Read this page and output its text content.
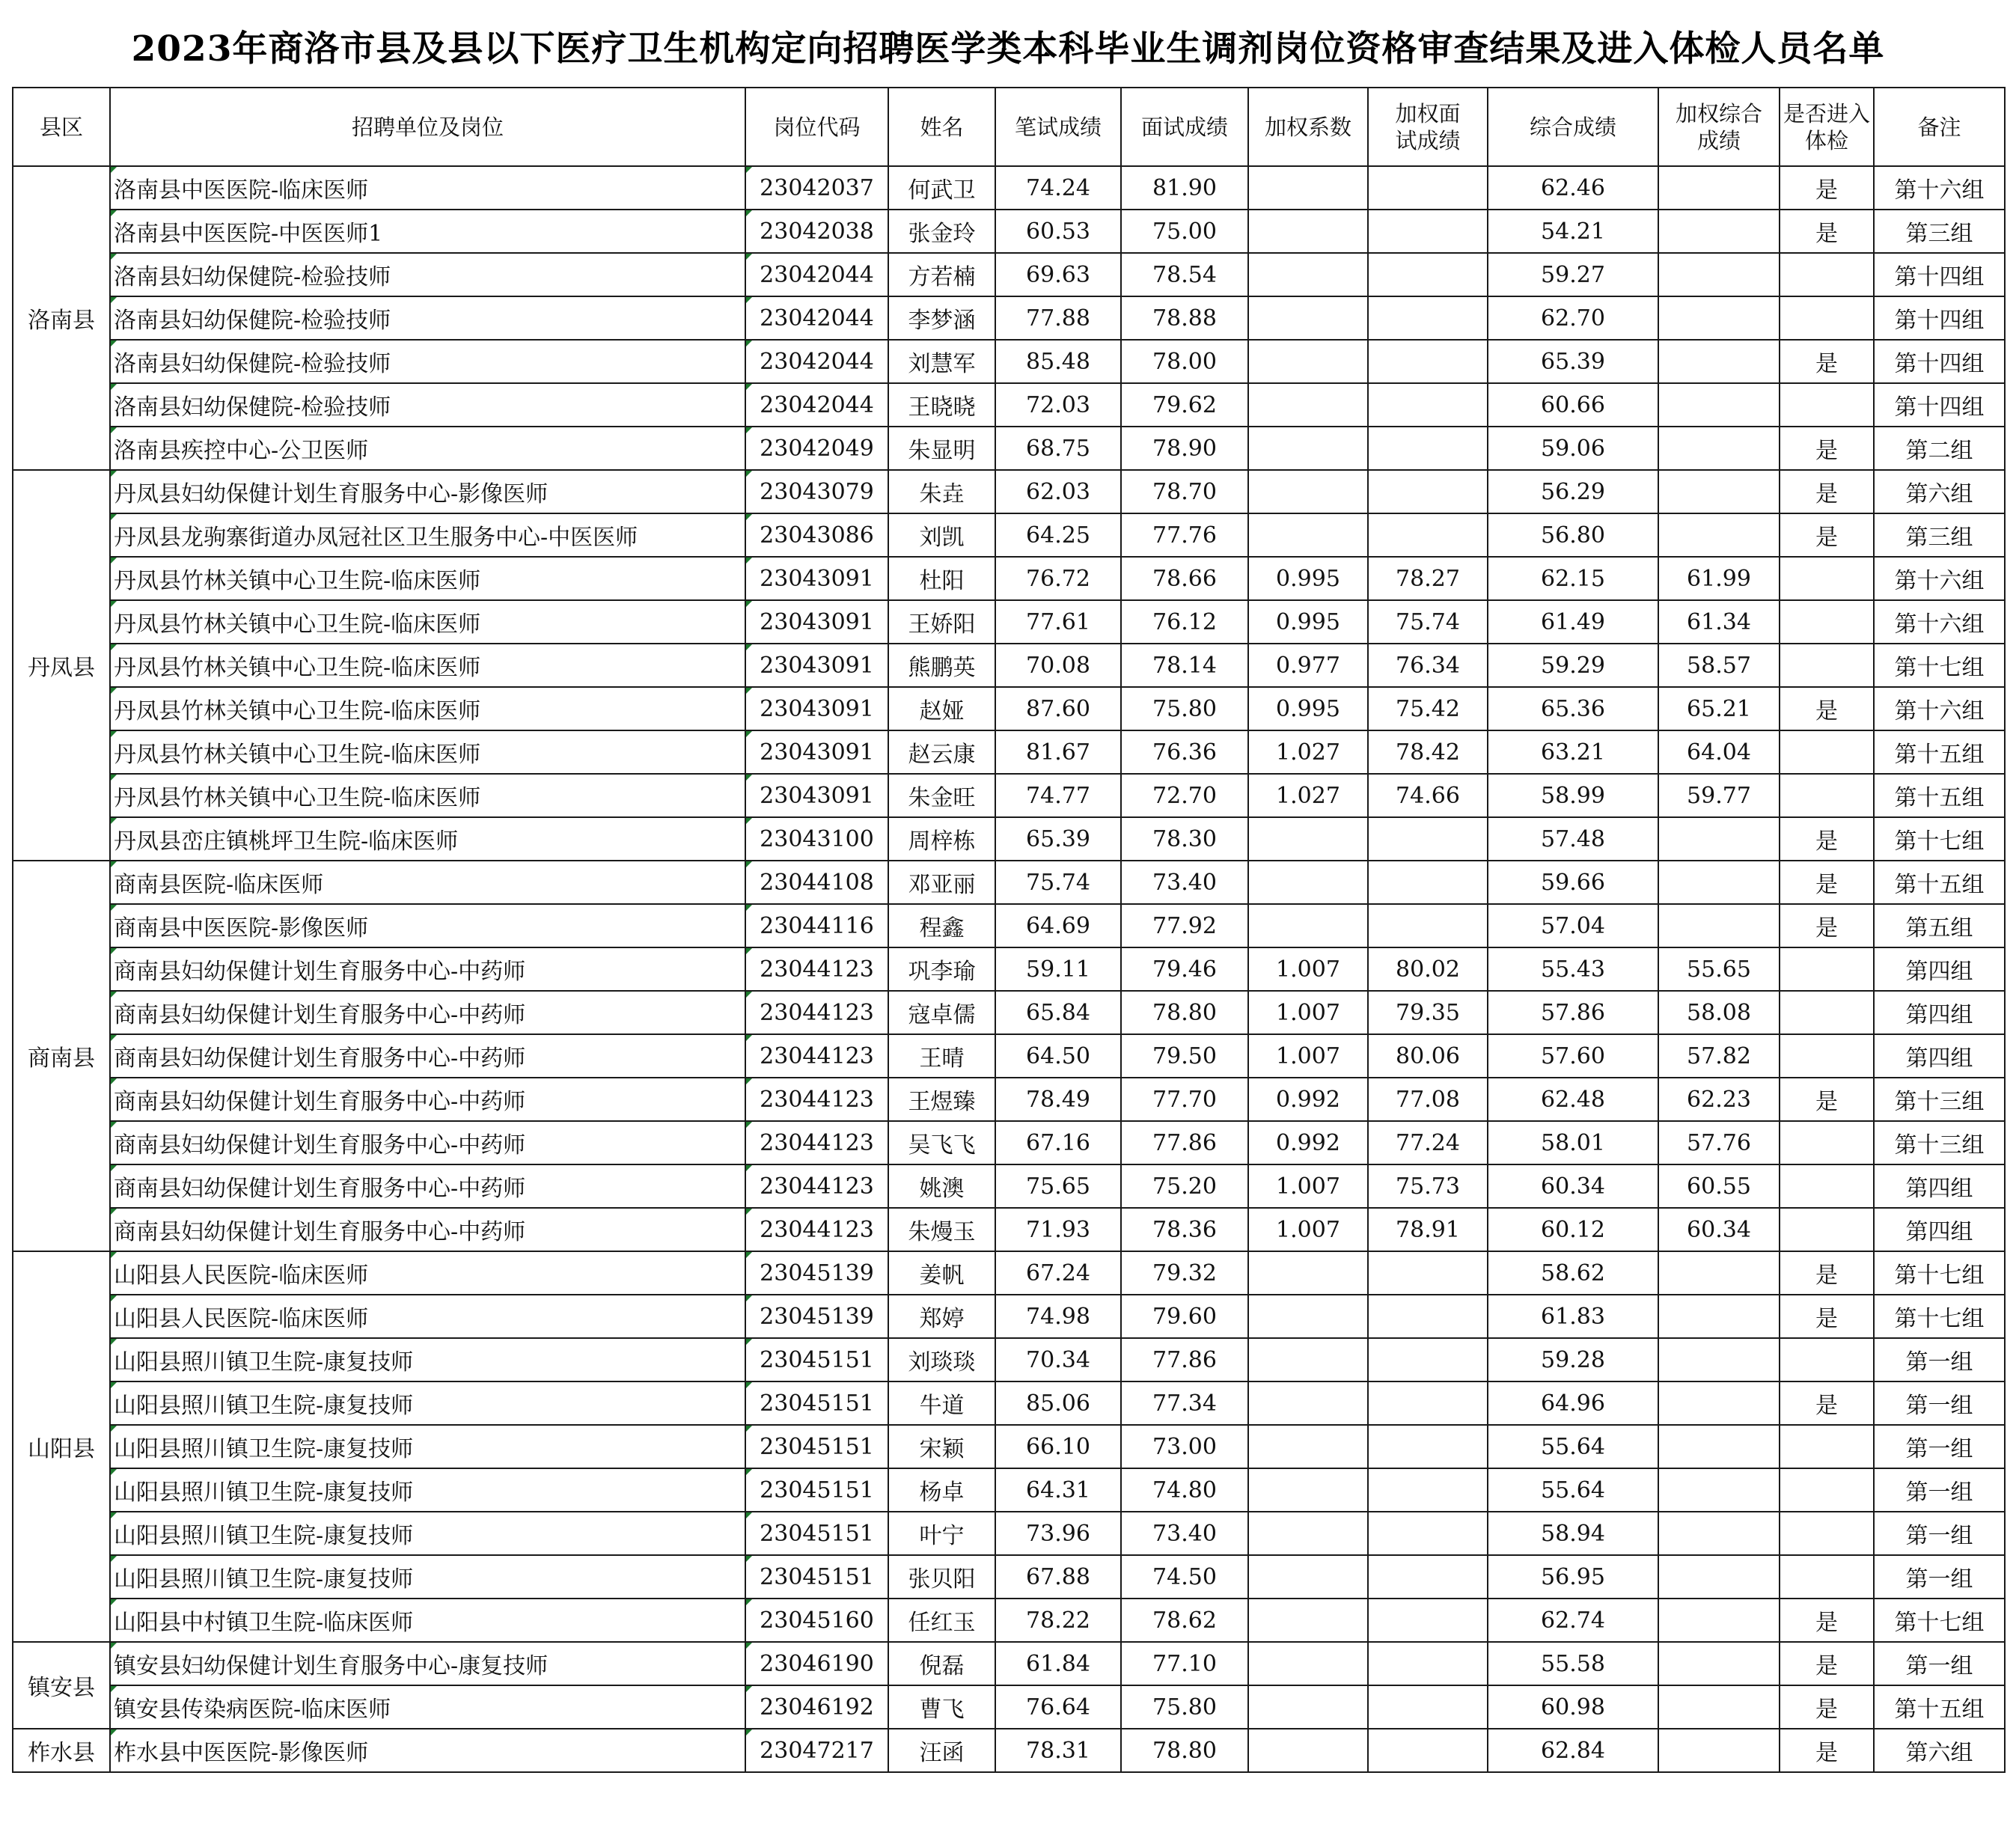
2023年商洛市县及县以下医疗卫生机构定向招聘医学类本科毕业生调剂岗位资格审查结果及进入体检人员名单
县区	招聘单位及岗位	岗位代码	姓名	笔试成绩	面试成绩	加权系数	加权面试成绩	综合成绩	加权综合成绩	是否进入体检	备注
洛南县	洛南县中医医院-临床医师	23042037	何武卫	74.24	81.90			62.46		是	第十六组
	洛南县中医医院-中医医师1	23042038	张金玲	60.53	75.00			54.21		是	第三组
	洛南县妇幼保健院-检验技师	23042044	方若楠	69.63	78.54			59.27			第十四组
	洛南县妇幼保健院-检验技师	23042044	李梦涵	77.88	78.88			62.70			第十四组
	洛南县妇幼保健院-检验技师	23042044	刘慧军	85.48	78.00			65.39		是	第十四组
	洛南县妇幼保健院-检验技师	23042044	王晓晓	72.03	79.62			60.66			第十四组
	洛南县疾控中心-公卫医师	23042049	朱显明	68.75	78.90			59.06		是	第二组
丹凤县	丹凤县妇幼保健计划生育服务中心-影像医师	23043079	朱垚	62.03	78.70			56.29		是	第六组
	丹凤县龙驹寨街道办凤冠社区卫生服务中心-中医医师	23043086	刘凯	64.25	77.76			56.80		是	第三组
	丹凤县竹林关镇中心卫生院-临床医师	23043091	杜阳	76.72	78.66	0.995	78.27	62.15	61.99		第十六组
	丹凤县竹林关镇中心卫生院-临床医师	23043091	王娇阳	77.61	76.12	0.995	75.74	61.49	61.34		第十六组
	丹凤县竹林关镇中心卫生院-临床医师	23043091	熊鹏英	70.08	78.14	0.977	76.34	59.29	58.57		第十七组
	丹凤县竹林关镇中心卫生院-临床医师	23043091	赵娅	87.60	75.80	0.995	75.42	65.36	65.21	是	第十六组
	丹凤县竹林关镇中心卫生院-临床医师	23043091	赵云康	81.67	76.36	1.027	78.42	63.21	64.04		第十五组
	丹凤县竹林关镇中心卫生院-临床医师	23043091	朱金旺	74.77	72.70	1.027	74.66	58.99	59.77		第十五组
	丹凤县峦庄镇桃坪卫生院-临床医师	23043100	周梓栋	65.39	78.30			57.48		是	第十七组
商南县	商南县医院-临床医师	23044108	邓亚丽	75.74	73.40			59.66		是	第十五组
	商南县中医医院-影像医师	23044116	程鑫	64.69	77.92			57.04		是	第五组
	商南县妇幼保健计划生育服务中心-中药师	23044123	巩李瑜	59.11	79.46	1.007	80.02	55.43	55.65		第四组
	商南县妇幼保健计划生育服务中心-中药师	23044123	寇卓儒	65.84	78.80	1.007	79.35	57.86	58.08		第四组
	商南县妇幼保健计划生育服务中心-中药师	23044123	王晴	64.50	79.50	1.007	80.06	57.60	57.82		第四组
	商南县妇幼保健计划生育服务中心-中药师	23044123	王煜臻	78.49	77.70	0.992	77.08	62.48	62.23	是	第十三组
	商南县妇幼保健计划生育服务中心-中药师	23044123	吴飞飞	67.16	77.86	0.992	77.24	58.01	57.76		第十三组
	商南县妇幼保健计划生育服务中心-中药师	23044123	姚澳	75.65	75.20	1.007	75.73	60.34	60.55		第四组
	商南县妇幼保健计划生育服务中心-中药师	23044123	朱熳玉	71.93	78.36	1.007	78.91	60.12	60.34		第四组
山阳县	山阳县人民医院-临床医师	23045139	姜帆	67.24	79.32			58.62		是	第十七组
	山阳县人民医院-临床医师	23045139	郑婷	74.98	79.60			61.83		是	第十七组
	山阳县照川镇卫生院-康复技师	23045151	刘琰琰	70.34	77.86			59.28			第一组
	山阳县照川镇卫生院-康复技师	23045151	牛道	85.06	77.34			64.96		是	第一组
	山阳县照川镇卫生院-康复技师	23045151	宋颖	66.10	73.00			55.64			第一组
	山阳县照川镇卫生院-康复技师	23045151	杨卓	64.31	74.80			55.64			第一组
	山阳县照川镇卫生院-康复技师	23045151	叶宁	73.96	73.40			58.94			第一组
	山阳县照川镇卫生院-康复技师	23045151	张贝阳	67.88	74.50			56.95			第一组
	山阳县中村镇卫生院-临床医师	23045160	任红玉	78.22	78.62			62.74		是	第十七组
镇安县	镇安县妇幼保健计划生育服务中心-康复技师	23046190	倪磊	61.84	77.10			55.58		是	第一组
	镇安县传染病医院-临床医师	23046192	曹飞	76.64	75.80			60.98		是	第十五组
柞水县	柞水县中医医院-影像医师	23047217	汪函	78.31	78.80			62.84		是	第六组
